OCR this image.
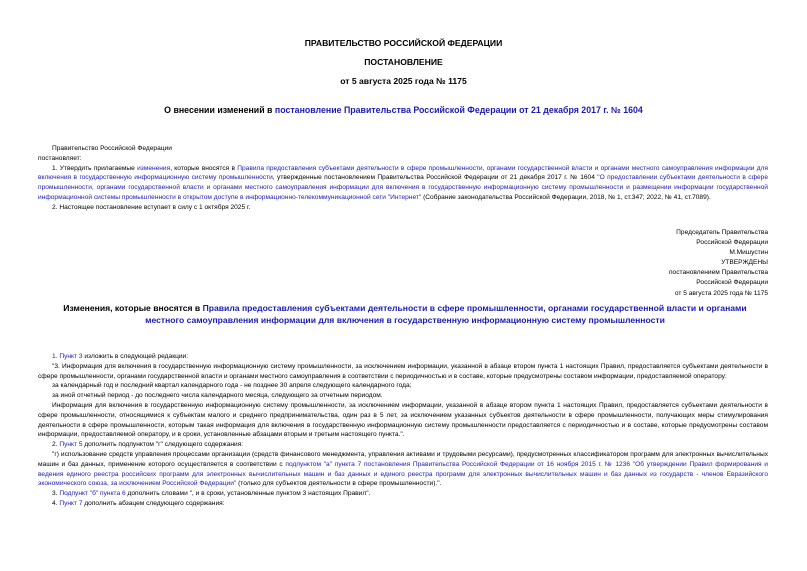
ПРАВИТЕЛЬСТВО РОССИЙСКОЙ ФЕДЕРАЦИИ
ПОСТАНОВЛЕНИЕ
от 5 августа 2025 года № 1175
О внесении изменений в постановление Правительства Российской Федерации от 21 декабря 2017 г. № 1604

Правительство Российской Федерации

постановляет:

1. Утвердить прилагаемые изменения, которые вносятся в Правила предоставления субъектами деятельности в сфере промышленности, органами государственной власти и органами местного самоуправления информации для включения в государственную информационную систему промышленности, утвержденные постановлением Правительства Российской Федерации от 21 декабря 2017 г. № 1604 "О предоставлении субъектами деятельности в сфере промышленности, органами государственной власти и органами местного самоуправления информации для включения в государственную информационную систему промышленности и размещении информации государственной информационной системы промышленности в открытом доступе в информационно-телекоммуникационной сети "Интернет" (Собрание законодательства Российской Федерации, 2018, № 1, ст.347; 2022, № 41, ст.7089).

2. Настоящее постановление вступает в силу с 1 октября 2025 г.

Председатель Правительства
Российской Федерации
М.Мишустин
УТВЕРЖДЕНЫ
постановлением Правительства
Российской Федерации
от 5 августа 2025 года № 1175
Изменения, которые вносятся в Правила предоставления субъектами деятельности в сфере промышленности, органами государственной власти и органами местного самоуправления информации для включения в государственную информационную систему промышленности

1. Пункт 3 изложить в следующей редакции:

"3. Информация для включения в государственную информационную систему промышленности, за исключением информации, указанной в абзаце втором пункта 1 настоящих Правил, предоставляется субъектами деятельности в сфере промышленности, органами государственной власти и органами местного самоуправления в соответствии с периодичностью и в составе, которые предусмотрены составом информации, предоставляемой оператору:

за календарный год и последний квартал календарного года - не позднее 30 апреля следующего календарного года;

за иной отчетный период - до последнего числа календарного месяца, следующего за отчетным периодом.

Информация для включения в государственную информационную систему промышленности, за исключением информации, указанной в абзаце втором пункта 1 настоящих Правил, предоставляется субъектами деятельности в сфере промышленности, относящимися к субъектам малого и среднего предпринимательства, один раз в 5 лет, за исключением указанных субъектов деятельности в сфере промышленности, получающих меры стимулирования деятельности в сфере промышленности, которым такая информация для включения в государственную информационную систему промышленности предоставляется с периодичностью и в составе, которые предусмотрены составом информации, предоставляемой оператору, и в сроки, установленные абзацами вторым и третьим настоящего пункта.".

2. Пункт 5 дополнить подпунктом "г" следующего содержания:

"г) использование средств управления процессами организации (средств финансового менеджмента, управления активами и трудовыми ресурсами), предусмотренных классификатором программ для электронных вычислительных машин и баз данных, применение которого осуществляется в соответствии с подпунктом "а" пункта 7 постановления Правительства Российской Федерации от 16 ноября 2015 г. № 1236 "Об утверждении Правил формирования и ведения единого реестра российских программ для электронных вычислительных машин и баз данных и единого реестра программ для электронных вычислительных машин и баз данных из государств - членов Евразийского экономического союза, за исключением Российской Федерации" (только для субъектов деятельности в сфере промышленности).".

3. Подпункт "б" пункта 6 дополнить словами ", и в сроки, установленные пунктом 3 настоящих Правил".

4. Пункт 7 дополнить абзацем следующего содержания:
